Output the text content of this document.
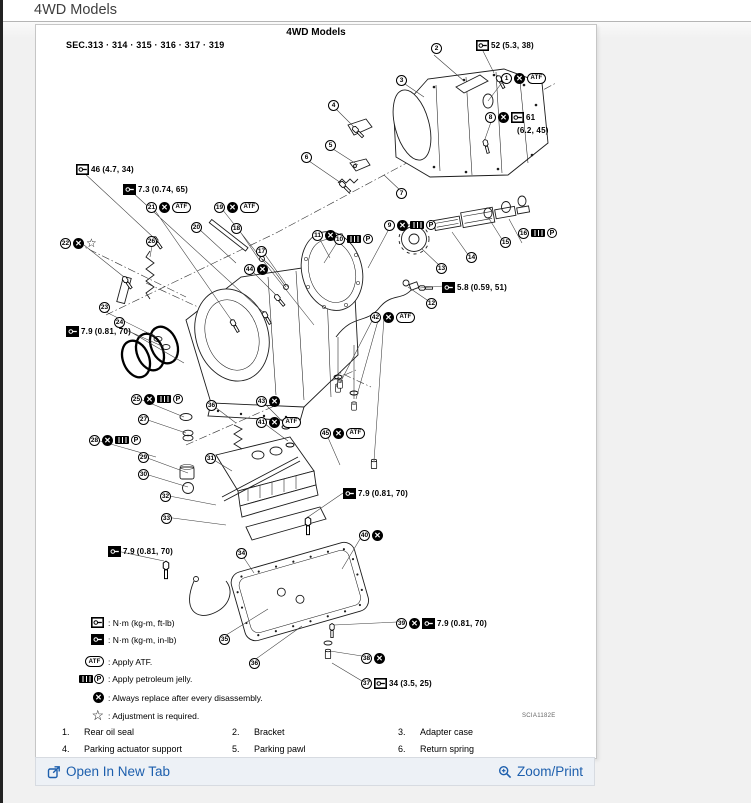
4WD Models
4WD Models
SEC.313 · 314 · 315 · 316 · 317 · 319
SCIA1182E
52 (5.3, 38)
2
1 ✕	ATF
3
8 ✕ 61
(6.2, 45)
4
5
6
7
46 (4.7, 34)
7.3 (0.74, 65)
21 ✕	ATF	19 ✕	ATF
20	18
17
44 ✕
22 ✕ ☆	26
9 ✕	P
10	P
11 ✕
13
14
15
16	P
12
5.8 (0.59, 51)
23
24
7.9 (0.81, 70)
42 ✕	ATF
43 ✕
36
41 ✕	ATF
45 ✕	ATF
25 ✕	P
27
28 ✕	P
29
30
31
32
33
7.9 (0.81, 70)	34
7.9 (0.81, 70)
40 ✕
35
36
39 ✕ 7.9 (0.81, 70)
38 ✕
37 34 (3.5, 25)
: N·m (kg-m, ft-lb)
: N·m (kg-m, in-lb)
ATF : Apply ATF.
P : Apply petroleum jelly.
✕ : Always replace after every disassembly.
☆ : Adjustment is required.
1.	Rear oil seal	2.	Bracket	3.	Adapter case
4.	Parking actuator support	5.	Parking pawl	6.	Return spring
Open In New Tab	Zoom/Print
